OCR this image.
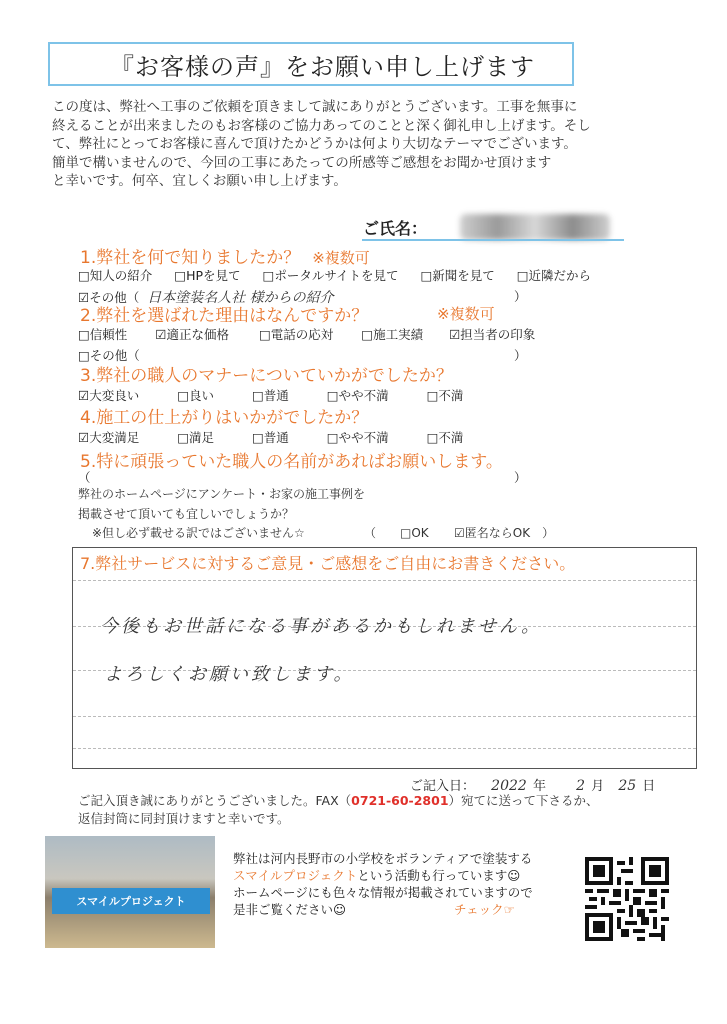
『お客様の声』をお願い申し上げます
この度は、弊社へ工事のご依頼を頂きまして誠にありがとうございます。工事を無事に
終えることが出来ましたのもお客様のご協力あってのことと深く御礼申し上げます。そし
て、弊社にとってお客様に喜んで頂けたかどうかは何より大切なテーマでございます。
簡単で構いませんので、今回の工事にあたっての所感等ご感想をお聞かせ頂けます
と幸いです。何卒、宜しくお願い申し上げます。
ご氏名：
1.弊社を何で知りましたか？ ※複数可
□知人の紹介 □HPを見て □ポータルサイトを見て □新聞を見て □近隣だから
☑その他（ 日本塗装名人社 様からの紹介	）
2.弊社を選ばれた理由はなんですか？	※複数可
□信頼性 ☑適正な価格 □電話の応対 □施工実績 ☑担当者の印象
□その他（	）
3.弊社の職人のマナーについていかがでしたか？
☑大変良い	□良い	□普通	□やや不満	□不満
4.施工の仕上がりはいかがでしたか？
☑大変満足	□満足	□普通	□やや不満	□不満
5.特に頑張っていた職人の名前があればお願いします。
（	）
弊社のホームページにアンケート・お家の施工事例を
掲載させて頂いても宜しいでしょうか？
※但し必ず載せる訳ではございません☆	（　　□OK ☑匿名ならOK　）
7.弊社サービスに対するご意見・ご感想をご自由にお書きください。
今後もお世話になる事があるかもしれません。
よろしくお願い致します。
ご記入日： 2022 年 2 月 25 日
ご記入頂き誠にありがとうございました。FAX（0721-60-2801）宛てに送って下さるか、
返信封筒に同封頂けますと幸いです。
スマイルプロジェクト
弊社は河内長野市の小学校をボランティアで塗装する
スマイルプロジェクトという活動も行っています☺
ホームページにも色々な情報が掲載されていますので
是非ご覧ください☺	チェック☞
